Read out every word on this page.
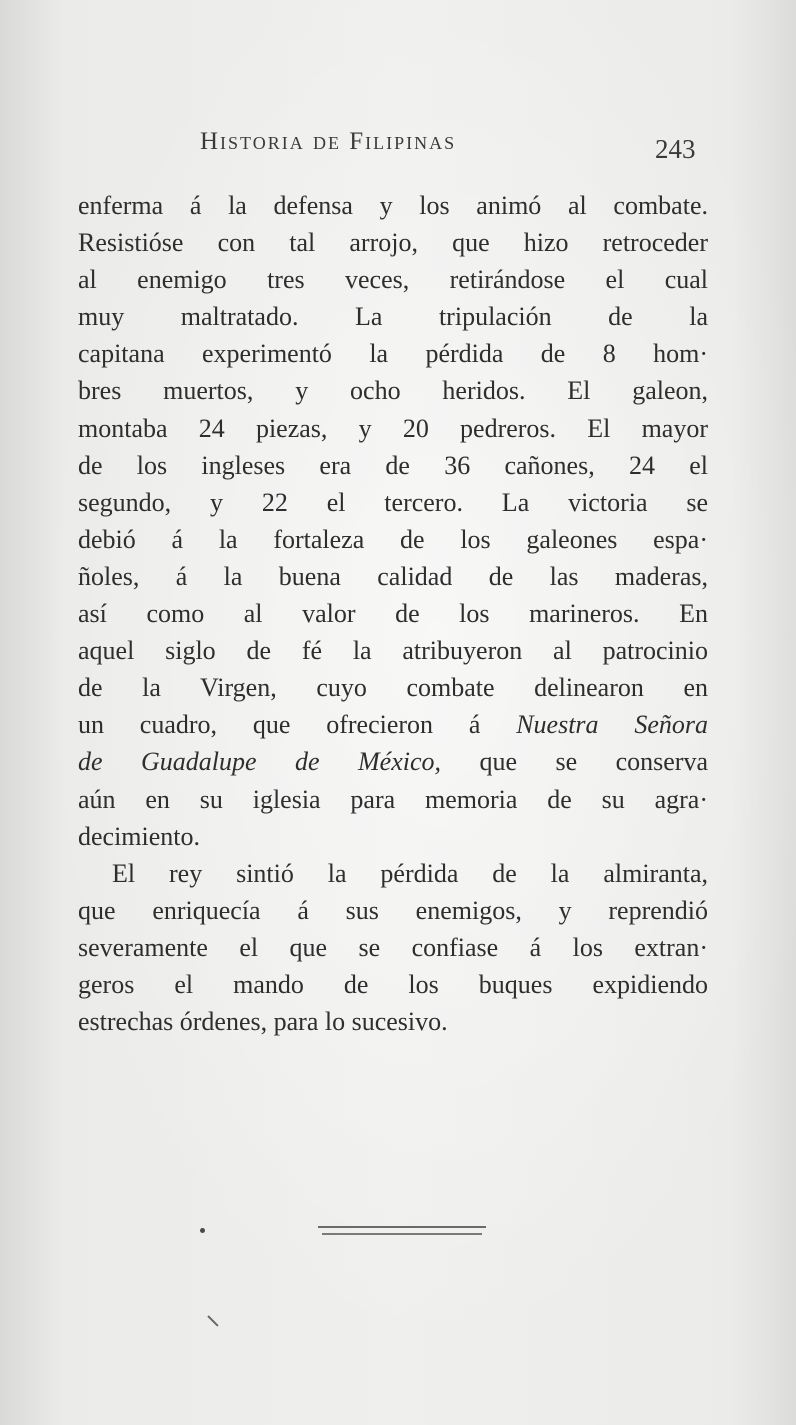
Historia de Filipinas	243
enferma á la defensa y los animó al combate.
Resistióse con tal arrojo, que hizo retroceder
al enemigo tres veces, retirándose el cual
muy maltratado. La tripulación de la
capitana experimentó la pérdida de 8 hom·
bres muertos, y ocho heridos. El galeon,
montaba 24 piezas, y 20 pedreros. El mayor
de los ingleses era de 36 cañones, 24 el
segundo, y 22 el tercero. La victoria se
debió á la fortaleza de los galeones espa·
ñoles, á la buena calidad de las maderas,
así como al valor de los marineros. En
aquel siglo de fé la atribuyeron al patrocinio
de la Virgen, cuyo combate delinearon en
un cuadro, que ofrecieron á Nuestra Señora
de Guadalupe de México, que se conserva
aún en su iglesia para memoria de su agra·
decimiento.
El rey sintió la pérdida de la almiranta,
que enriquecía á sus enemigos, y reprendió
severamente el que se confiase á los extran·
geros el mando de los buques expidiendo
estrechas órdenes, para lo sucesivo.
